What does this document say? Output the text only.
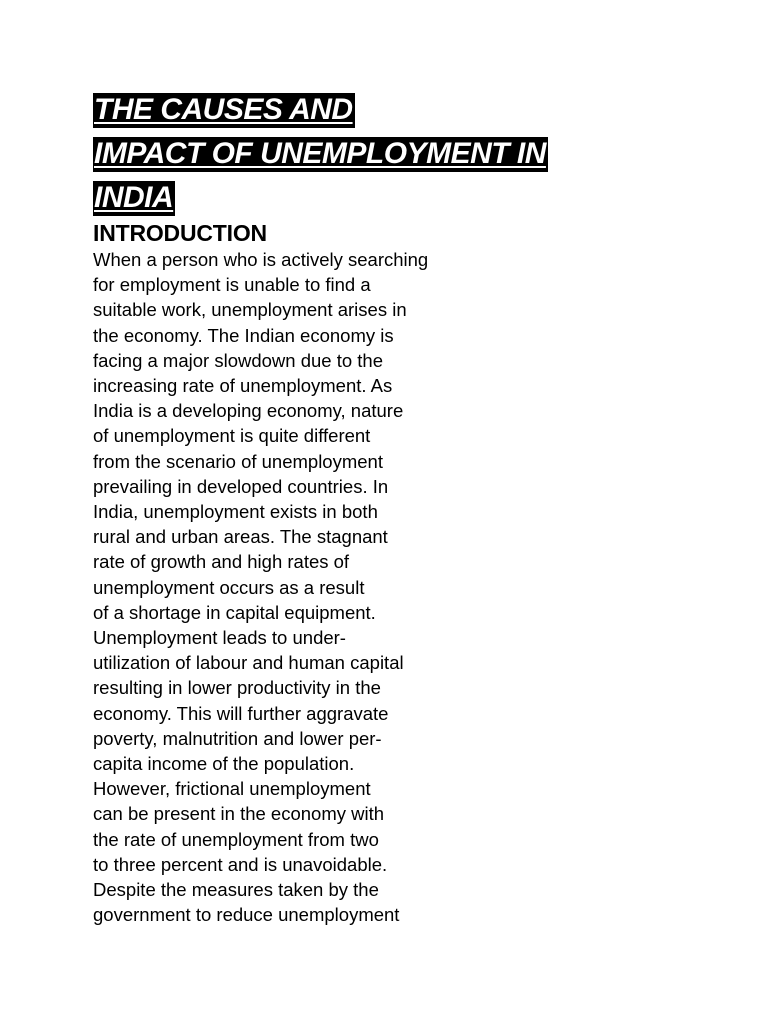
THE CAUSES AND
IMPACT OF UNEMPLOYMENT IN
INDIA
INTRODUCTION
When a person who is actively searching
for employment is unable to find a
suitable work, unemployment arises in
the economy. The Indian economy is
facing a major slowdown due to the
increasing rate of unemployment. As
India is a developing economy, nature
of unemployment is quite different
from the scenario of unemployment
prevailing in developed countries. In
India, unemployment exists in both
rural and urban areas. The stagnant
rate of growth and high rates of
unemployment occurs as a result
of a shortage in capital equipment.
Unemployment leads to under-
utilization of labour and human capital
resulting in lower productivity in the
economy. This will further aggravate
poverty, malnutrition and lower per-
capita income of the population.
However, frictional unemployment
can be present in the economy with
the rate of unemployment from two
to three percent and is unavoidable.
Despite the measures taken by the
government to reduce unemployment
